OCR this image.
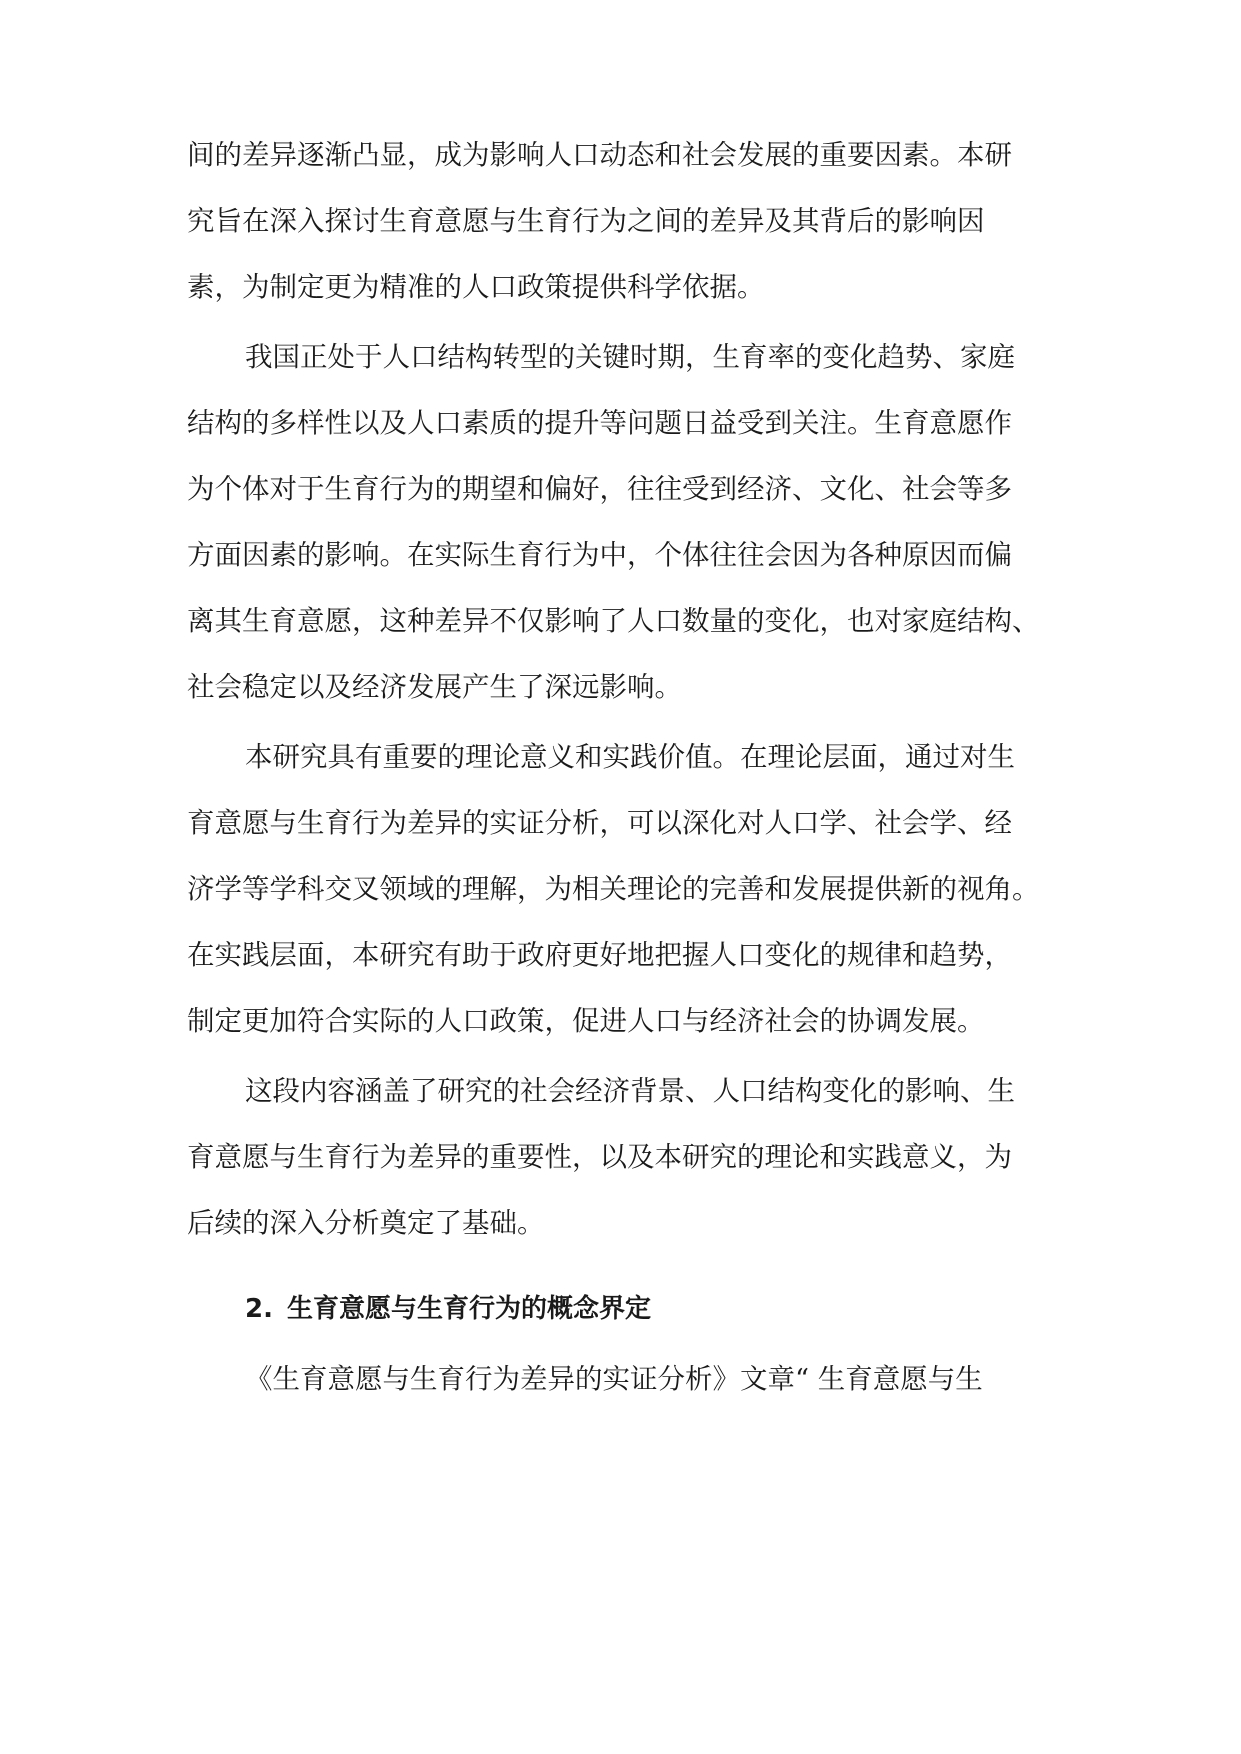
间的差异逐渐凸显，成为影响人口动态和社会发展的重要因素。本研
究旨在深入探讨生育意愿与生育行为之间的差异及其背后的影响因
素，为制定更为精准的人口政策提供科学依据。
我国正处于人口结构转型的关键时期，生育率的变化趋势、家庭
结构的多样性以及人口素质的提升等问题日益受到关注。生育意愿作
为个体对于生育行为的期望和偏好，往往受到经济、文化、社会等多
方面因素的影响。在实际生育行为中，个体往往会因为各种原因而偏
离其生育意愿，这种差异不仅影响了人口数量的变化，也对家庭结构、
社会稳定以及经济发展产生了深远影响。
本研究具有重要的理论意义和实践价值。在理论层面，通过对生
育意愿与生育行为差异的实证分析，可以深化对人口学、社会学、经
济学等学科交叉领域的理解，为相关理论的完善和发展提供新的视角。
在实践层面，本研究有助于政府更好地把握人口变化的规律和趋势，
制定更加符合实际的人口政策，促进人口与经济社会的协调发展。
这段内容涵盖了研究的社会经济背景、人口结构变化的影响、生
育意愿与生育行为差异的重要性，以及本研究的理论和实践意义，为
后续的深入分析奠定了基础。
2. 生育意愿与生育行为的概念界定
《生育意愿与生育行为差异的实证分析》文章“ 生育意愿与生
